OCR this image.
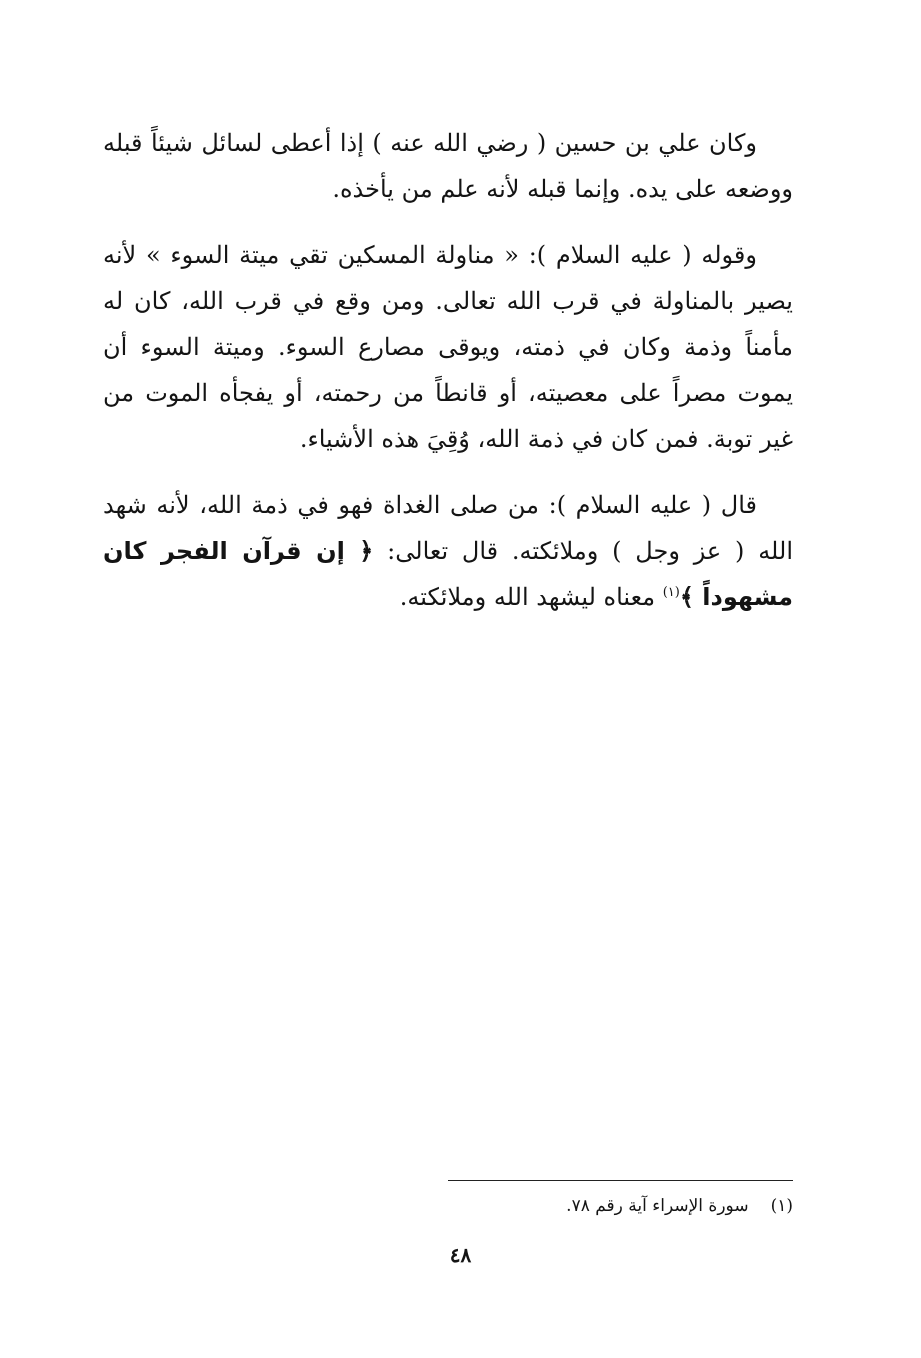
وكان علي بن حسين ( رضي الله عنه ) إذا أعطى لسائل شيئاً قبله ووضعه على يده. وإنما قبله لأنه علم من يأخذه.

وقوله ( عليه السلام ): « مناولة المسكين تقي ميتة السوء » لأنه يصير بالمناولة في قرب الله تعالى. ومن وقع في قرب الله، كان له مأمناً وذمة وكان في ذمته، ويوقى مصارع السوء. وميتة السوء أن يموت مصراً على معصيته، أو قانطاً من رحمته، أو يفجأه الموت من غير توبة. فمن كان في ذمة الله، وُقِيَ هذه الأشياء.

قال ( عليه السلام ): من صلى الغداة فهو في ذمة الله، لأنه شهد الله ( عز وجل ) وملائكته. قال تعالى: ﴿ إن قرآن الفجر كان مشهوداً ﴾$^{(١)}$ معناه ليشهد الله وملائكته.

(١)سورة الإسراء آية رقم ٧٨.

٤٨
